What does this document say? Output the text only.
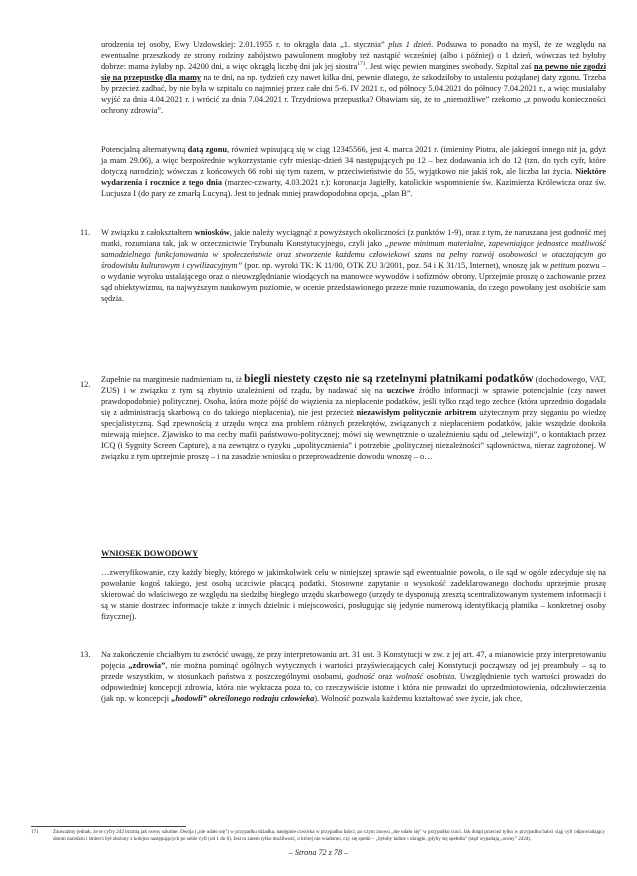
urodzenia tej osoby, Ewy Uzdowskiej: 2.01.1955 r. to okrągła data „1. stycznia” plus 1 dzień. Podsuwa to ponadto na myśl, że ze względu na ewentualne przeszkody ze strony rodziny zabójstwo pawulonem mogłoby też nastąpić wcześniej (albo i później) o 1 dzień, wówczas też byłoby dobrze: mama żyłaby np. 24200 dni, a więc okrągłą liczbę dni jak jej siostra$^{171}$. Jest więc pewien margines swobody. Szpital zaś na pewno nie zgodzi się na przepustkę dla mamy na te dni, na np. tydzień czy nawet kilka dni, pewnie dlatego, że szkodziłoby to ustaleniu pożądanej daty zgonu. Trzeba by przecież zadbać, by nie była w szpitalu co najmniej przez całe dni 5-6. IV 2021 r., od północy 5.04.2021 do północy 7.04.2021 r., a więc musiałaby wyjść za dnia 4.04.2021 r. i wrócić za dnia 7.04.2021 r. Trzydniowa przepustka? Obawiam się, że to „niemożliwe” rzekomo „z powodu konieczności ochrony zdrowia”.

Potencjalną alternatywną datą zgonu, również wpisującą się w ciąg 12345566, jest 4. marca 2021 r. (imieniny Piotra, ale jakiegoś innego niż ja, gdyż ja mam 29.06), a więc bezpośrednie wykorzystanie cyfr miesiąc-dzień 34 następujących po 12 – bez dodawania ich do 12 (tzn. do tych cyfr, które dotyczą narodzin); wówczas z końcowych 66 robi się tym razem, w przeciwieństwie do 55, wyjątkowo nie jakiś rok, ale liczba lat życia. Niektóre wydarzenia i rocznice z tego dnia (marzec-czwarty, 4.03.2021 r.): koronacja Jagiełły, katolickie wspomnienie św. Kazimierza Królewicza oraz św. Lucjusza I (do pary ze zmarłą Lucyną). Jest to jednak mniej prawdopodobna opcja, „plan B”.

11.	W związku z całokształtem wniosków, jakie należy wyciągnąć z powyższych okoliczności (z punktów 1-9), oraz z tym, że naruszana jest godność mej matki, rozumiana tak, jak w orzecznictwie Trybunału Konstytucyjnego, czyli jako „pewne minimum materialne, zapewniające jednostce możliwość samodzielnego funkcjonowania w społeczeństwie oraz stworzenie każdemu człowiekowi szans na pełny rozwój osobowości w otaczającym go środowisku kulturowym i cywilizacyjnym” (por. np. wyroki TK: K 11/00, OTK ZU 3/2001, poz. 54 i K 31/15, Internet), wnoszę jak w petitum pozwu – o wydanie wyroku ustalającego oraz o nieuwzględnianie wiodących na manowce wywodów i sofizmów obrony. Uprzejmie proszę o zachowanie przez sąd obiektywizmu, na najwyższym naukowym poziomie, w ocenie przedstawionego przeze mnie rozumowania, do czego powołany jest osobiście sam sędzia.

12.

Zupełnie na marginesie nadmieniam tu, iż biegli niestety często nie są rzetelnymi płatnikami podatków (dochodowego, VAT, ZUS) i w związku z tym są zbytnio uzależnieni od rządu, by nadawać się na uczciwe źródło informacji w sprawie potencjalnie (czy nawet prawdopodobnie) politycznej. Osoba, która może pójść do więzienia za niepłacenie podatków, jeśli tylko rząd tego zechce (która uprzednio dogadała się z administracją skarbową co do takiego niepłacenia), nie jest przecież niezawisłym politycznie arbitrem użytecznym przy sięganiu po wiedzę specjalistyczną. Sąd zpewnością z urzędu wręcz zna problem różnych przekrętów, związanych z niepłaceniem podatków, jakie wszędzie dookoła miewają miejsce. Zjawisko to ma cechy mafii państwowo-politycznej; mówi się wewnętrznie o uzależnieniu sądu od „telewizji”, o kontaktach przez ICQ (i Sygnity Screen Capture), a na zewnątrz o ryzyku „upolitycznienia” i potrzebie „politycznej niezależności” sądownictwa, nieraz zagrożonej. W związku z tym uprzejmie proszę – i na zasadzie wniosku o przeprowadzenie dowodu wnoszę – o…

WNIOSEK DOWODOWY

…zweryfikowanie, czy każdy biegły, którego w jakimkolwiek celu w niniejszej sprawie sąd ewentualnie powoła, o ile sąd w ogóle zdecyduje się na powołanie kogoś takiego, jest osobą uczciwie płacącą podatki. Stosowne zapytanie o wysokość zadeklarowanego dochodu uprzejmie proszę skierować do właściwego ze względu na siedzibę biegłego urzędu skarbowego (urzędy te dysponują zresztą scentralizowanym systemem informacji i są w stanie dostrzec informacje także z innych dzielnic i miejscowości, posługując się jedynie numerową identyfikacją płatnika – konkretnej osoby fizycznej).

13.	Na zakończenie chciałbym tu zwrócić uwagę, że przy interpretowaniu art. 31 ust. 3 Konstytucji w zw. z jej art. 47, a mianowicie przy interpretowaniu pojęcia „zdrowia”, nie można pominąć ogólnych wytycznych i wartości przyświecających całej Konstytucji począwszy od jej preambuły – są to przede wszystkim, w stosunkach państwa z poszczególnymi osobami, godność oraz wolność osobista. Uwzględnienie tych wartości prowadzi do odpowiedniej koncepcji zdrowia, która nie wykracza poza to, co rzeczywiście istotne i która nie prowadzi do uprzedmiotowienia, odczłowieczenia (jak np. w koncepcji „hodowli” określonego rodzaju człowieka). Wolność pozwala każdemu kształtować swe życie, jak chce,

171	Zauważmy jednak, że te cyfry 242 brzmią jak oceny szkolne. Dwója („nie udało się”) w przypadku dziadka, następnie czwórka w przypadku babci, po czym znowu „nie udało się” w przypadku cioci. Jak dotąd przecież tylko w przypadku babci ciąg cyfr odpowiadający datom narodzin i śmierci był złożony z kolejno następujących po sobie cyfr (od 1 do 6). Jest to zatem tylko możliwość, o której nie wiadomo, czy się spełni – „byłoby ładnie i okrągło, gdyby się spełniła” (stąd wypadają „oceny” 2424).
– Strona 72 z 78 –
